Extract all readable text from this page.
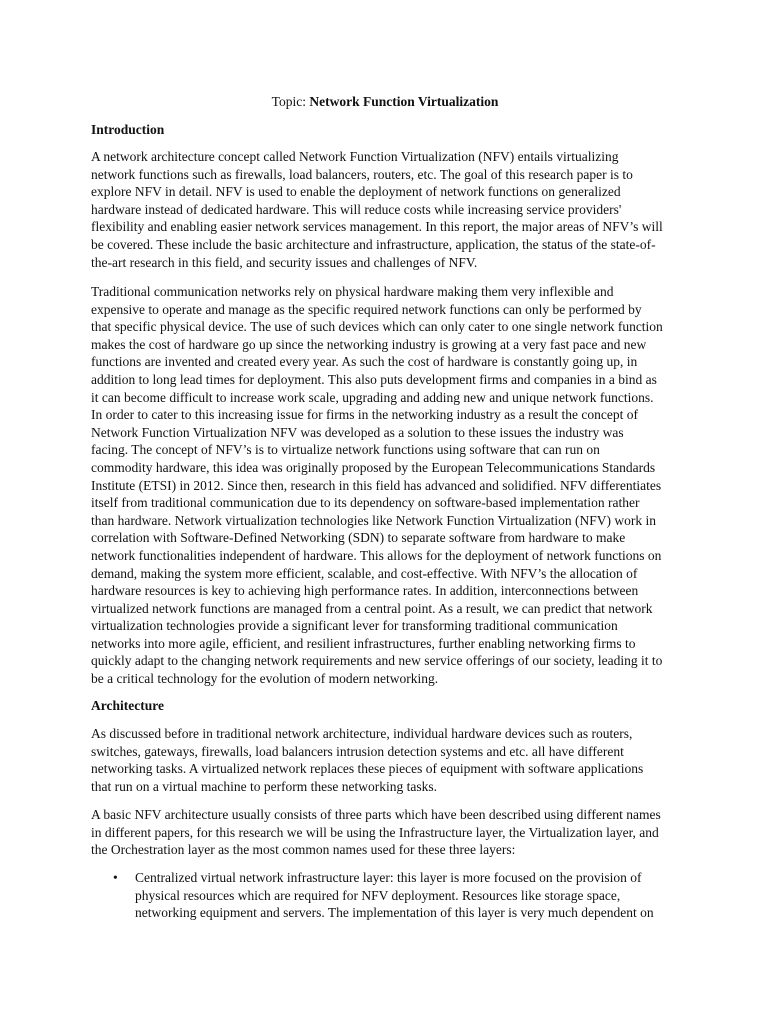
Topic: Network Function Virtualization
Introduction
A network architecture concept called Network Function Virtualization (NFV) entails virtualizing
network functions such as firewalls, load balancers, routers, etc. The goal of this research paper is to
explore NFV in detail. NFV is used to enable the deployment of network functions on generalized
hardware instead of dedicated hardware. This will reduce costs while increasing service providers'
flexibility and enabling easier network services management. In this report, the major areas of NFV’s will
be covered. These include the basic architecture and infrastructure, application, the status of the state-of-
the-art research in this field, and security issues and challenges of NFV.
Traditional communication networks rely on physical hardware making them very inflexible and
expensive to operate and manage as the specific required network functions can only be performed by
that specific physical device. The use of such devices which can only cater to one single network function
makes the cost of hardware go up since the networking industry is growing at a very fast pace and new
functions are invented and created every year. As such the cost of hardware is constantly going up, in
addition to long lead times for deployment. This also puts development firms and companies in a bind as
it can become difficult to increase work scale, upgrading and adding new and unique network functions.
In order to cater to this increasing issue for firms in the networking industry as a result the concept of
Network Function Virtualization NFV was developed as a solution to these issues the industry was
facing. The concept of NFV’s is to virtualize network functions using software that can run on
commodity hardware, this idea was originally proposed by the European Telecommunications Standards
Institute (ETSI) in 2012. Since then, research in this field has advanced and solidified. NFV differentiates
itself from traditional communication due to its dependency on software-based implementation rather
than hardware. Network virtualization technologies like Network Function Virtualization (NFV) work in
correlation with Software-Defined Networking (SDN) to separate software from hardware to make
network functionalities independent of hardware. This allows for the deployment of network functions on
demand, making the system more efficient, scalable, and cost-effective. With NFV’s the allocation of
hardware resources is key to achieving high performance rates. In addition, interconnections between
virtualized network functions are managed from a central point. As a result, we can predict that network
virtualization technologies provide a significant lever for transforming traditional communication
networks into more agile, efficient, and resilient infrastructures, further enabling networking firms to
quickly adapt to the changing network requirements and new service offerings of our society, leading it to
be a critical technology for the evolution of modern networking.
Architecture
As discussed before in traditional network architecture, individual hardware devices such as routers,
switches, gateways, firewalls, load balancers intrusion detection systems and etc. all have different
networking tasks. A virtualized network replaces these pieces of equipment with software applications
that run on a virtual machine to perform these networking tasks.
A basic NFV architecture usually consists of three parts which have been described using different names
in different papers, for this research we will be using the Infrastructure layer, the Virtualization layer, and
the Orchestration layer as the most common names used for these three layers:
• Centralized virtual network infrastructure layer: this layer is more focused on the provision of
physical resources which are required for NFV deployment. Resources like storage space,
networking equipment and servers. The implementation of this layer is very much dependent on
